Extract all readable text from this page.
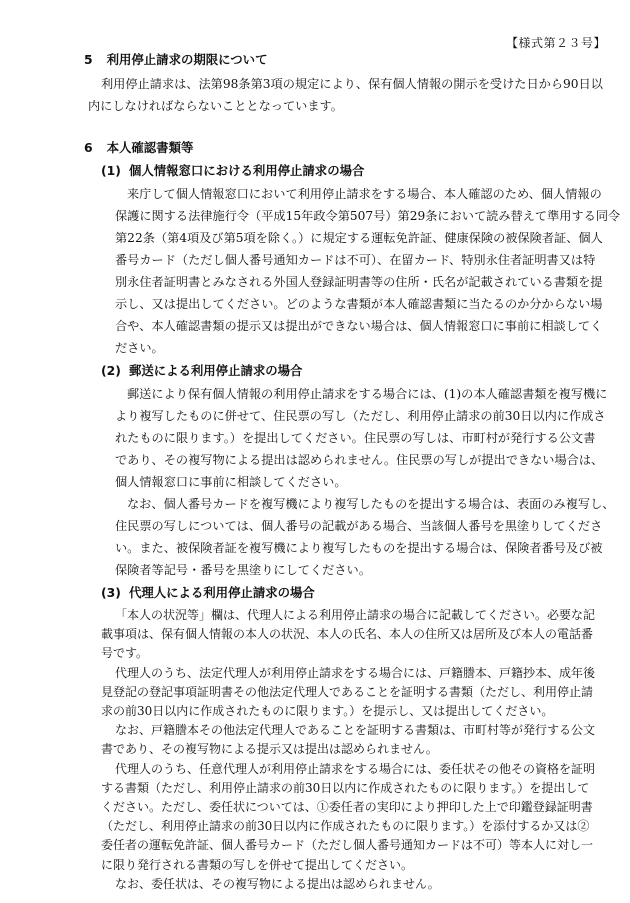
【様式第２３号】
5 利用停止請求の期限について
利用停止請求は、法第98条第3項の規定により、保有個人情報の開示を受けた日から90日以
内にしなければならないこととなっています。
6 本人確認書類等
(1) 個人情報窓口における利用停止請求の場合
来庁して個人情報窓口において利用停止請求をする場合、本人確認のため、個人情報の
保護に関する法律施行令（平成15年政令第507号）第29条において読み替えて準用する同令
第22条（第4項及び第5項を除く。）に規定する運転免許証、健康保険の被保険者証、個人
番号カード（ただし個人番号通知カードは不可）、在留カード、特別永住者証明書又は特
別永住者証明書とみなされる外国人登録証明書等の住所・氏名が記載されている書類を提
示し、又は提出してください。どのような書類が本人確認書類に当たるのか分からない場
合や、本人確認書類の提示又は提出ができない場合は、個人情報窓口に事前に相談してく
ださい。
(2) 郵送による利用停止請求の場合
郵送により保有個人情報の利用停止請求をする場合には、(1)の本人確認書類を複写機に
より複写したものに併せて、住民票の写し（ただし、利用停止請求の前30日以内に作成さ
れたものに限ります。）を提出してください。住民票の写しは、市町村が発行する公文書
であり、その複写物による提出は認められません。住民票の写しが提出できない場合は、
個人情報窓口に事前に相談してください。
なお、個人番号カードを複写機により複写したものを提出する場合は、表面のみ複写し、
住民票の写しについては、個人番号の記載がある場合、当該個人番号を黒塗りしてくださ
い。また、被保険者証を複写機により複写したものを提出する場合は、保険者番号及び被
保険者等記号・番号を黒塗りにしてください。
(3) 代理人による利用停止請求の場合
「本人の状況等」欄は、代理人による利用停止請求の場合に記載してください。必要な記
載事項は、保有個人情報の本人の状況、本人の氏名、本人の住所又は居所及び本人の電話番
号です。
代理人のうち、法定代理人が利用停止請求をする場合には、戸籍謄本、戸籍抄本、成年後
見登記の登記事項証明書その他法定代理人であることを証明する書類（ただし、利用停止請
求の前30日以内に作成されたものに限ります。）を提示し、又は提出してください。
なお、戸籍謄本その他法定代理人であることを証明する書類は、市町村等が発行する公文
書であり、その複写物による提示又は提出は認められません。
代理人のうち、任意代理人が利用停止請求をする場合には、委任状その他その資格を証明
する書類（ただし、利用停止請求の前30日以内に作成されたものに限ります。）を提出して
ください。ただし、委任状については、①委任者の実印により押印した上で印鑑登録証明書
（ただし、利用停止請求の前30日以内に作成されたものに限ります。）を添付するか又は②
委任者の運転免許証、個人番号カード（ただし個人番号通知カードは不可）等本人に対し一
に限り発行される書類の写しを併せて提出してください。
なお、委任状は、その複写物による提出は認められません。
